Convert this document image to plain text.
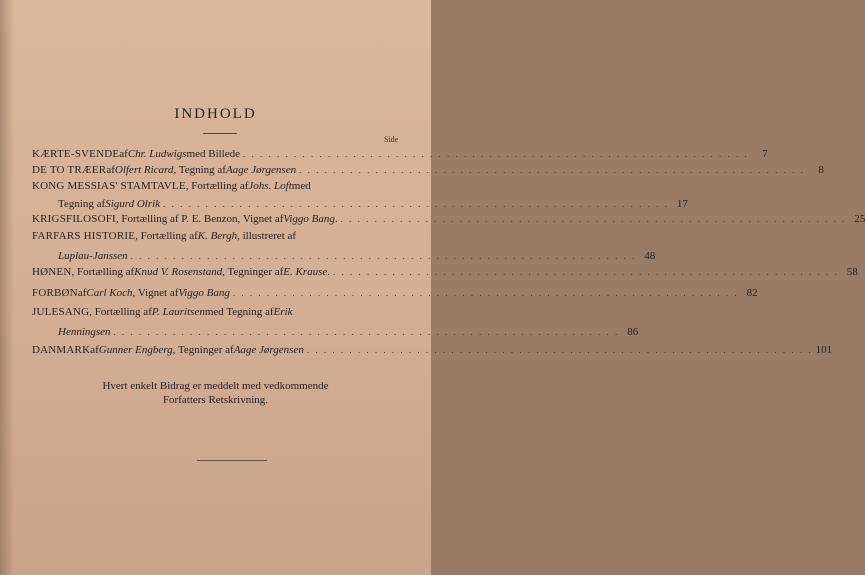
INDHOLD
Side
KÆRTE-SVENDE af Chr. Ludwigs med Billede . . . . . . . . . . . . . . . . . . . . . . . . . . . . . . . . . . . . . . . . . . . . . . . . . . . . . . . . . . . .	7
DE TO TRÆER af Olfert Ricard , Tegning af Aage Jørgensen . . . . . . . . . . . . . . . . . . . . . . . . . . . . . . . . . . . . . . . . . . . . . . . . . . . . . . . . . . . .	8
KONG MESSIAS' STAMTAVLE , Fortælling af Johs. Loft med
Tegning af Sigurd Olrik . . . . . . . . . . . . . . . . . . . . . . . . . . . . . . . . . . . . . . . . . . . . . . . . . . . . . . . . . . . . 17
KRIGSFILOSOFI , Fortælling af P. E. Benzon, Vignet af Viggo Bang . . . . . . . . . . . . . . . . . . . . . . . . . . . . . . . . . . . . . . . . . . . . . . . . . . . . . . . . . . . . . 25
FARFARS HISTORIE , Fortælling af K. Bergh , illustreret af
Luplau-Janssen . . . . . . . . . . . . . . . . . . . . . . . . . . . . . . . . . . . . . . . . . . . . . . . . . . . . . . . . . . . . 48
HØNEN , Fortælling af Knud V. Rosenstand , Tegninger af E. Krause . . . . . . . . . . . . . . . . . . . . . . . . . . . . . . . . . . . . . . . . . . . . . . . . . . . . . . . . . . . . . 58
FORBØN af Carl Koch , Vignet af Viggo Bang . . . . . . . . . . . . . . . . . . . . . . . . . . . . . . . . . . . . . . . . . . . . . . . . . . . . . . . . . . . . 82
JULESANG , Fortælling af P. Lauritsen med Tegning af Erik
Henningsen . . . . . . . . . . . . . . . . . . . . . . . . . . . . . . . . . . . . . . . . . . . . . . . . . . . . . . . . . . . . 86
DANMARK af Gunner Engberg , Tegninger af Aage Jørgensen . . . . . . . . . . . . . . . . . . . . . . . . . . . . . . . . . . . . . . . . . . . . . . . . . . . . . . . . . . . . 101
Hvert enkelt Bidrag er meddelt med vedkommende
Forfatters Retskrivning.
